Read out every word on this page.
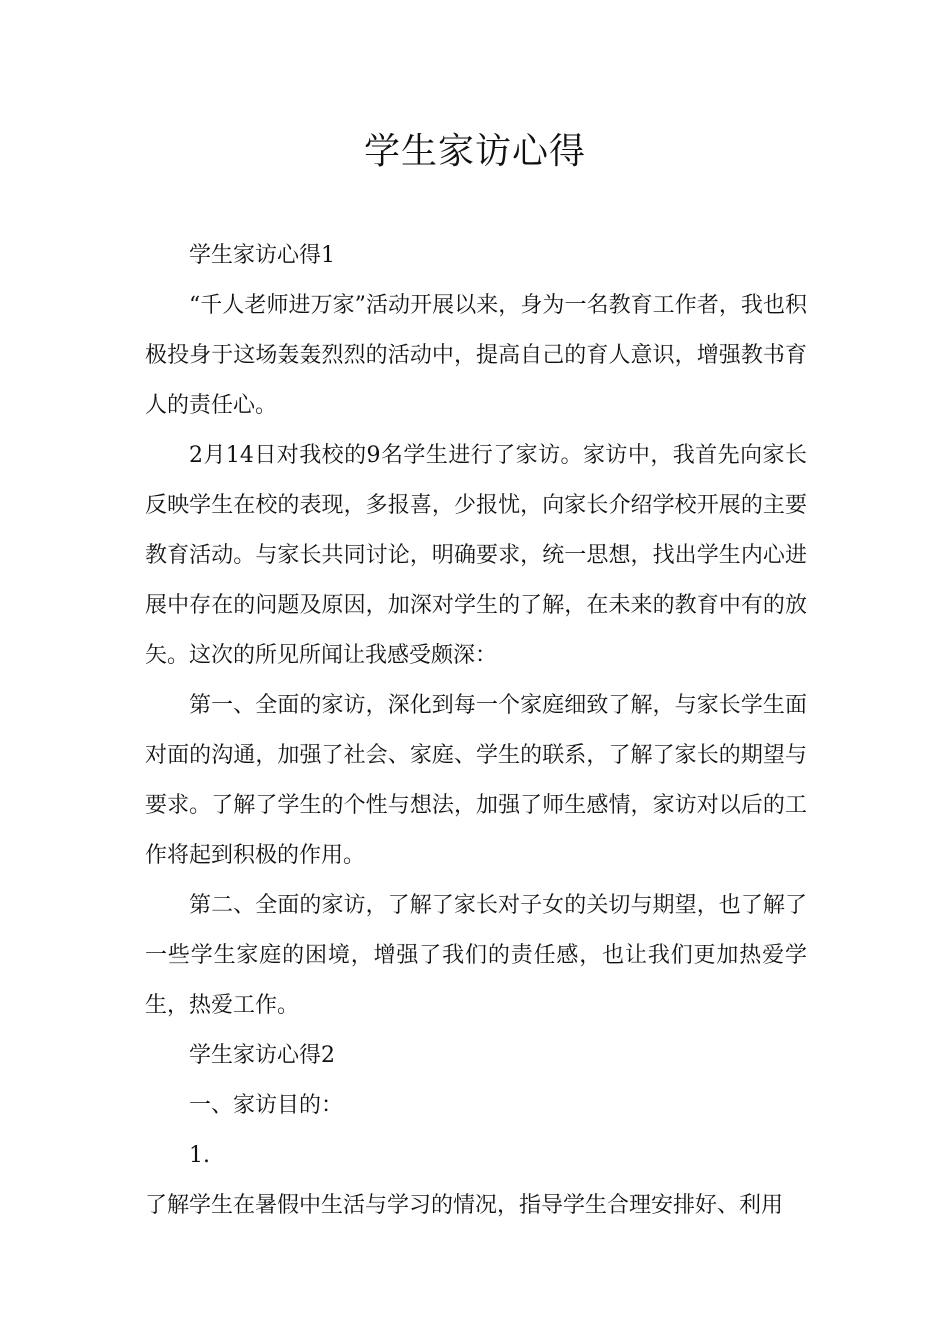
学生家访心得

学生家访心得1

“千人老师进万家”活动开展以来，身为一名教育工作者，我也积极投身于这场轰轰烈烈的活动中，提高自己的育人意识，增强教书育人的责任心。

2月14日对我校的9名学生进行了家访。家访中，我首先向家长反映学生在校的表现，多报喜，少报忧，向家长介绍学校开展的主要教育活动。与家长共同讨论，明确要求，统一思想，找出学生内心进展中存在的问题及原因，加深对学生的了解，在未来的教育中有的放矢。这次的所见所闻让我感受颇深：

第一、全面的家访，深化到每一个家庭细致了解，与家长学生面对面的沟通，加强了社会、家庭、学生的联系，了解了家长的期望与要求。了解了学生的个性与想法，加强了师生感情，家访对以后的工作将起到积极的作用。

第二、全面的家访，了解了家长对子女的关切与期望，也了解了一些学生家庭的困境，增强了我们的责任感，也让我们更加热爱学生，热爱工作。

学生家访心得2

一、家访目的：

1.

了解学生在暑假中生活与学习的情况，指导学生合理安排好、利用
